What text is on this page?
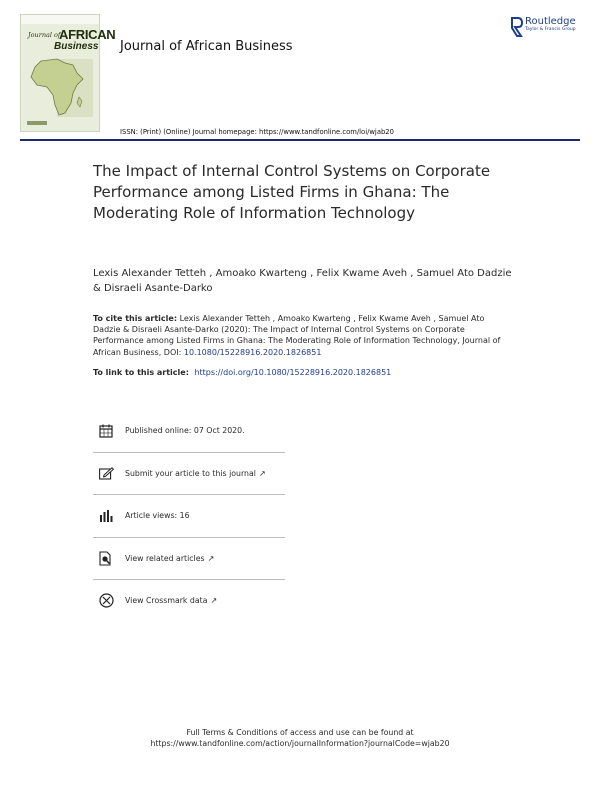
Journal of
AFRICAN
Business Journal of African Business
Routledge
Taylor & Francis Group
ISSN: (Print) (Online) Journal homepage: https://www.tandfonline.com/loi/wjab20
The Impact of Internal Control Systems on Corporate Performance among Listed Firms in Ghana: The Moderating Role of Information Technology
Lexis Alexander Tetteh , Amoako Kwarteng , Felix Kwame Aveh , Samuel Ato Dadzie & Disraeli Asante-Darko
To cite this article: Lexis Alexander Tetteh , Amoako Kwarteng , Felix Kwame Aveh , Samuel Ato Dadzie & Disraeli Asante-Darko (2020): The Impact of Internal Control Systems on Corporate Performance among Listed Firms in Ghana: The Moderating Role of Information Technology, Journal of African Business, DOI: 10.1080/15228916.2020.1826851
To link to this article: https://doi.org/10.1080/15228916.2020.1826851
Published online: 07 Oct 2020.
Submit your article to this journal ↗
Article views: 16
View related articles ↗
View Crossmark data ↗
Full Terms & Conditions of access and use can be found at
https://www.tandfonline.com/action/journalInformation?journalCode=wjab20
